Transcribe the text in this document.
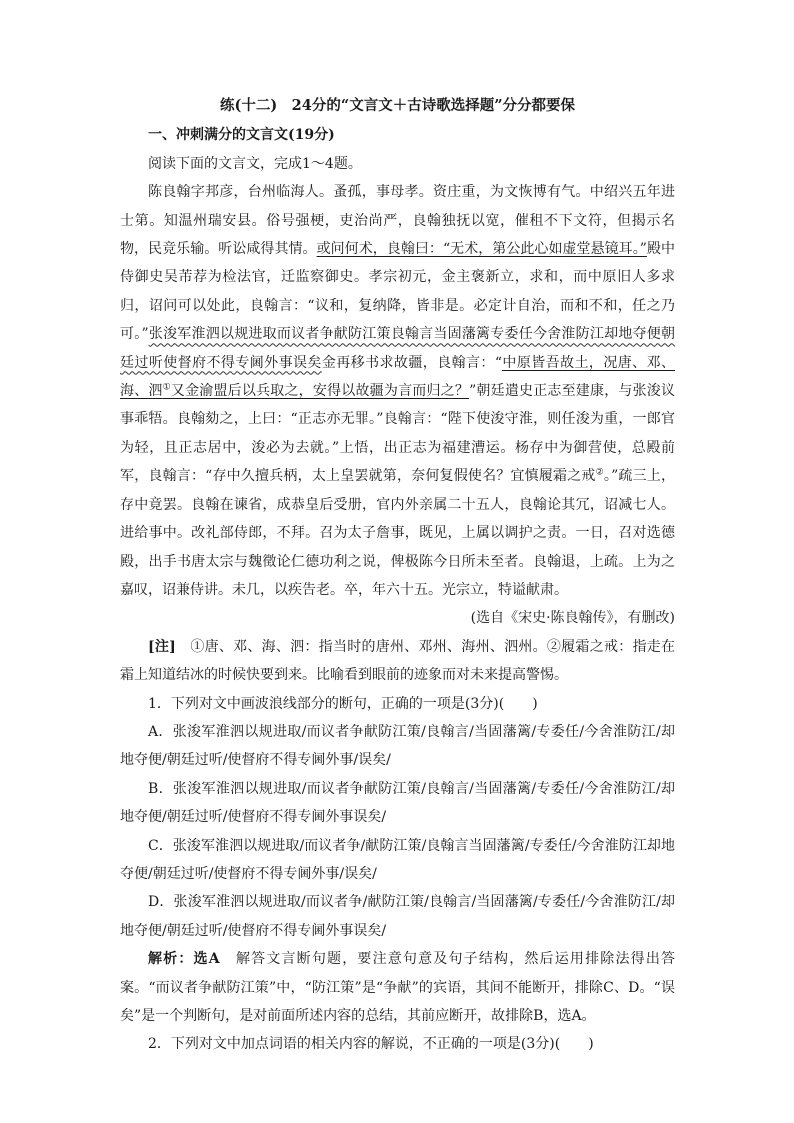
练(十二)　24分的“文言文＋古诗歌选择题”分分都要保

一、冲刺满分的文言文(19分)

阅读下面的文言文，完成1～4题。

陈良翰字邦彦，台州临海人。蚤孤，事母孝。资庄重，为文恢博有气。中绍兴五年进士第。知温州瑞安县。俗号强梗，吏治尚严，良翰独抚以宽，催租不下文符，但揭示名物，民竞乐输。听讼咸得其情。或问何术，良翰曰：“无术，第公此心如虚堂悬镜耳。”殿中侍御史吴芾荐为检法官，迁监察御史。孝宗初元，金主褒新立，求和，而中原旧人多求归，诏问可以处此，良翰言：“议和，复纳降，皆非是。必定计自治，而和不和，任之乃可。”张浚军淮泗以规进取而议者争献防江策良翰言当固藩篱专委任今舍淮防江却地夺便朝廷过听使督府不得专阃外事误矣金再移书求故疆，良翰言：“中原皆吾故土，况唐、邓、海、泗①又金渝盟后以兵取之，安得以故疆为言而归之？”朝廷遣史正志至建康，与张浚议事乖牾。良翰劾之，上曰：“正志亦无罪。”良翰言：“陛下使浚守淮，则任浚为重，一郎官为轻，且正志居中，浚必为去就。”上悟，出正志为福建漕运。杨存中为御营使，总殿前军，良翰言：“存中久擅兵柄，太上皇罢就第，奈何复假使名？宜慎履霜之戒②。”疏三上，存中竟罢。良翰在谏省，成恭皇后受册，官内外亲属二十五人，良翰论其冗，诏减七人。进给事中。改礼部侍郎，不拜。召为太子詹事，既见，上属以调护之责。一日，召对选德殿，出手书唐太宗与魏徵论仁德功利之说，俾极陈今日所未至者。良翰退，上疏。上为之嘉叹，诏兼侍讲。未几，以疾告老。卒，年六十五。光宗立，特谥献肃。

(选自《宋史·陈良翰传》，有删改)

[注]　 ①唐、邓、海、泗：指当时的唐州、邓州、海州、泗州。②履霜之戒：指走在霜上知道结冰的时候快要到来。比喻看到眼前的迹象而对未来提高警惕。

1．下列对文中画波浪线部分的断句，正确的一项是(3分)(　　)

A．张浚军淮泗以规进取/而议者争献防江策/良翰言/当固藩篱/专委任/今舍淮防江/却地夺便/朝廷过听/使督府不得专阃外事/误矣/

B．张浚军淮泗以规进取/而议者争献防江策/良翰言/当固藩篱/专委任/今舍淮防江/却地夺便/朝廷过听/使督府不得专阃外事误矣/

C．张浚军淮泗以规进取/而议者争/献防江策/良翰言当固藩篱/专委任/今舍淮防江却地夺便/朝廷过听/使督府不得专阃外事/误矣/

D．张浚军淮泗以规进取/而议者争/献防江策/良翰言/当固藩篱/专委任/今舍淮防江/却地夺便/朝廷过听/使督府不得专阃外事误矣/

解析：选A　解答文言断句题，要注意句意及句子结构，然后运用排除法得出答案。“而议者争献防江策”中，“防江策”是“争献”的宾语，其间不能断开，排除C、D。“误矣”是一个判断句，是对前面所述内容的总结，其前应断开，故排除B，选A。

2．下列对文中加点词语的相关内容的解说，不正确的一项是(3分)(　　)
